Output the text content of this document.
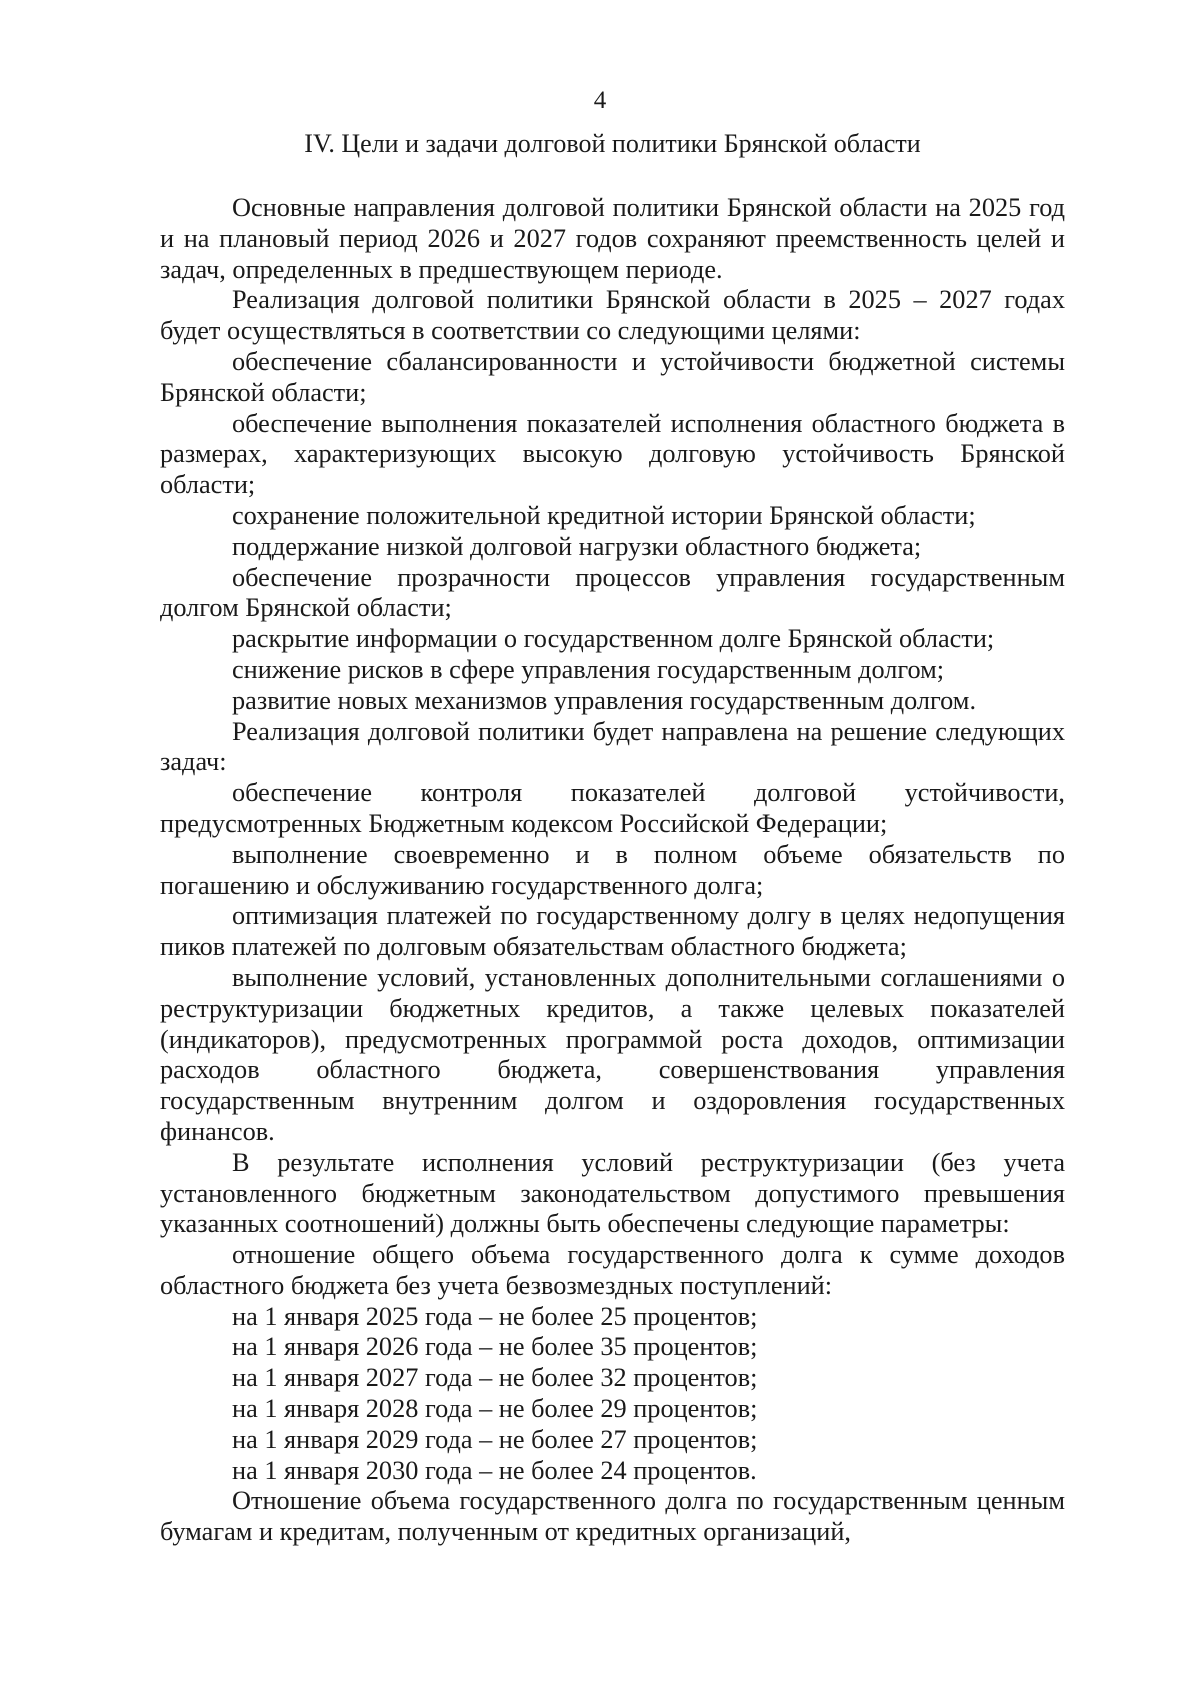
4
IV. Цели и задачи долговой политики Брянской области

Основные направления долговой политики Брянской области на 2025 год и на плановый период 2026 и 2027 годов сохраняют преемственность целей и задач, определенных в предшествующем периоде.

Реализация долговой политики Брянской области в 2025 – 2027 годах будет осуществляться в соответствии со следующими целями:

обеспечение сбалансированности и устойчивости бюджетной системы Брянской области;

обеспечение выполнения показателей исполнения областного бюджета в размерах, характеризующих высокую долговую устойчивость Брянской области;

сохранение положительной кредитной истории Брянской области;

поддержание низкой долговой нагрузки областного бюджета;

обеспечение прозрачности процессов управления государственным долгом Брянской области;

раскрытие информации о государственном долге Брянской области;

снижение рисков в сфере управления государственным долгом;

развитие новых механизмов управления государственным долгом.

Реализация долговой политики будет направлена на решение следующих задач:

обеспечение контроля показателей долговой устойчивости, предусмотренных Бюджетным кодексом Российской Федерации;

выполнение своевременно и в полном объеме обязательств по погашению и обслуживанию государственного долга;

оптимизация платежей по государственному долгу в целях недопущения пиков платежей по долговым обязательствам областного бюджета;

выполнение условий, установленных дополнительными соглашениями о реструктуризации бюджетных кредитов, а также целевых показателей (индикаторов), предусмотренных программой роста доходов, оптимизации расходов областного бюджета, совершенствования управления государственным внутренним долгом и оздоровления государственных финансов.

В результате исполнения условий реструктуризации (без учета установленного бюджетным законодательством допустимого превышения указанных соотношений) должны быть обеспечены следующие параметры:

отношение общего объема государственного долга к сумме доходов областного бюджета без учета безвозмездных поступлений:

на 1 января 2025 года – не более 25 процентов;

на 1 января 2026 года – не более 35 процентов;

на 1 января 2027 года – не более 32 процентов;

на 1 января 2028 года – не более 29 процентов;

на 1 января 2029 года – не более 27 процентов;

на 1 января 2030 года – не более 24 процентов.

Отношение объема государственного долга по государственным ценным бумагам и кредитам, полученным от кредитных организаций,
